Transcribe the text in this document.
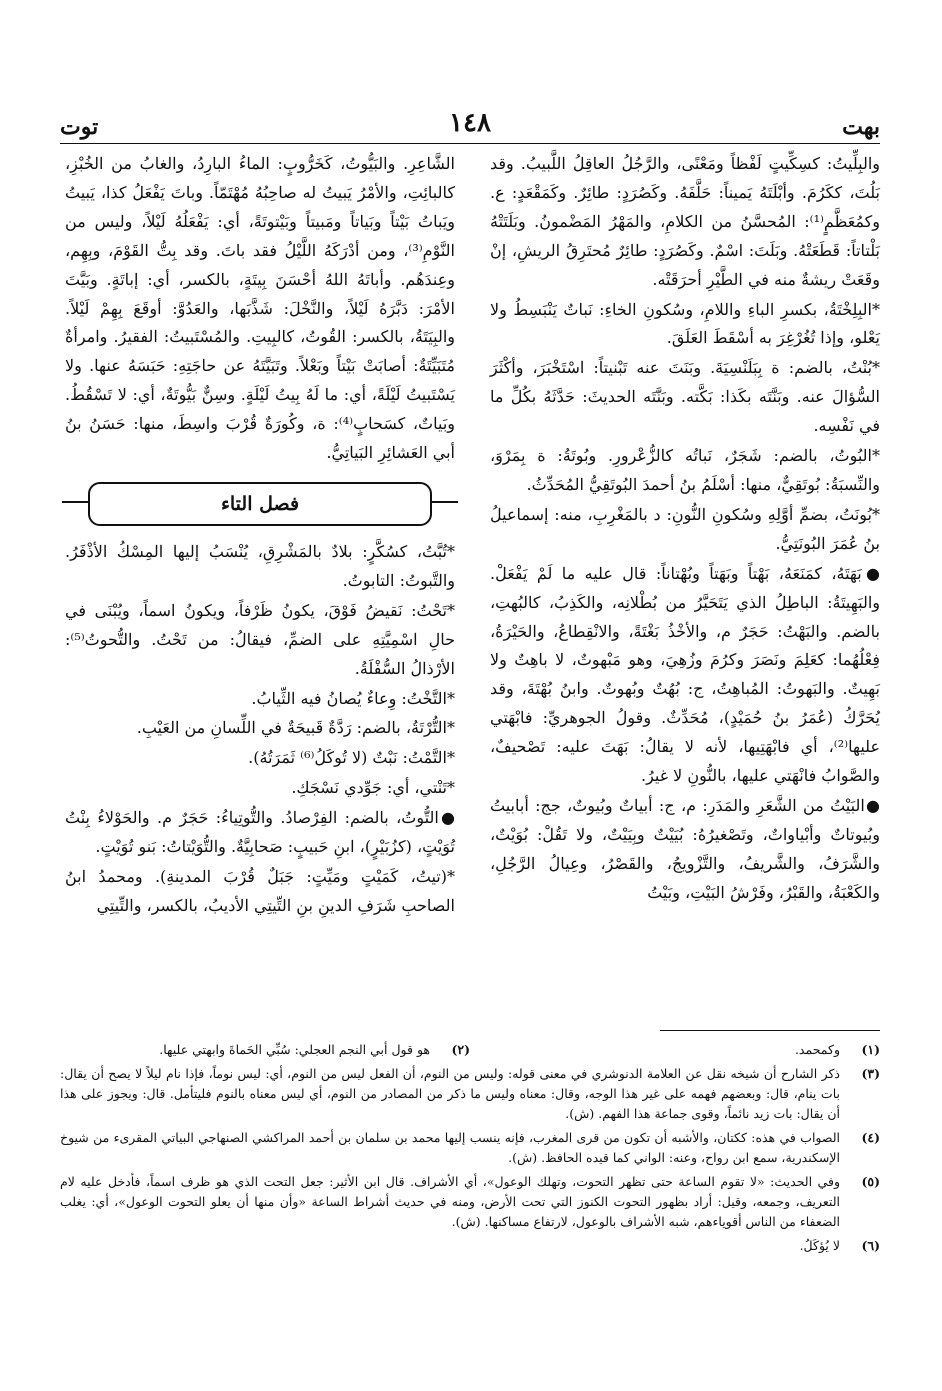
بهت
١٤٨
توت

والبِلِّيتُ: كسِكِّيتٍ لَفْظاً ومَعْنًى، والرَّجُلُ العاقِلُ اللَّبيبُ. وقد بَلُتَ، ككَرُمَ. وأبْلَتَهُ يَميناً: حَلَّفَهُ. وكَصُرَدٍ: طائِرٌ. وكَمَقْعَدٍ: ع. وكمُعَظَّمٍ⁽¹⁾: المُحسَّنُ من الكلامِ، والمَهْرُ المَضْمونُ. وبَلَتَتْهُ بَلْتاتاً: قَطَعَتْهُ. وبَلَتَ: اسْمٌ. وكَصُرَدٍ: طائِرٌ مُحتَرِقُ الريشِ، إنْ وقَعَتْ ريشةٌ منه في الطَّيْرِ أحرَقَتْه.

*البِلِخْتَةُ، بكسرِ الباءِ واللامِ، وسُكونِ الخاءِ: نَباتٌ يَنْبَسِطُ ولا يَعْلو، وإذا تُغُرْغِرَ به أسْقَطَ العَلَقَ.

*بُنْتُ، بالضم: ة بِبَلَنْسِيَةَ. وبَنَتَ عنه تَبْنيتاً: اسْتَخْبَرَ، وأكْثَرَ السُّؤالَ عنه. وبَنَّتَه بكَذا: بَكَّته. وبَنَّتَه الحديثَ: حَدَّثَهُ بكُلِّ ما في نَفْسِه.

*البُوتُ، بالضم: شَجَرٌ، نَباتُه كالزُّعْرورِ. وبُوتَةُ: ة بِمَرْوَ، والنِّسبَةُ: بُوتَقِيٌّ، منها: أسْلَمُ بنُ أحمدَ البُوتَقِيُّ المُحَدِّثُ.

*بُونَتُ، بضمِّ أوَّلِهِ وسُكونِ النُّونِ: د بالمَغْرِبِ، منه: إسماعيلُ بنُ عُمَرَ البُونَتِيُّ.

●بَهَتَهُ، كمَنَعَهُ، بَهْتاً وبَهَتاً وبُهْتاناً: قال عليه ما لَمْ يَفْعَلْ. والبَهِيتَةُ: الباطِلُ الذي يَتَحَيَّرُ من بُطْلانِه، والكَذِبُ، كالبُهتِ، بالضم. والبَهْتُ: حَجَرٌ م، والأخْذُ بَغْتَةً، والانْقِطاعُ، والحَيْرَةُ، فِعْلُهُما: كعَلِمَ ونَصَرَ وكرُمَ وزُهِيَ، وهو مَبْهوتٌ، لا باهِتٌ ولا بَهِيتٌ. والبَهوتُ: المُباهِتُ، ج: بُهُتٌ وبُهوتٌ. وابنُ بُهْتَةَ، وقد يُحَرَّكُ (عُمَرُ بنُ حُمَيْدٍ)، مُحَدِّثٌ. وقولُ الجوهريِّ: فابْهَتي عليها⁽²⁾، أي فابْهَتِيها، لأنه لا يقالُ: بَهَتَ عليه: تَصْحيفٌ، والصَّوابُ فانْهَتي عليها، بالنُّونِ لا غيرُ.

●البَيْتُ من الشَّعَرِ والمَدَرِ: م، ج: أبياتٌ وبُيوتٌ، جج: أبابيتُ وبُيوتاتٌ وأبْياواتٌ، وتَصْغيرُهُ: بُيَيْتٌ وبِيَيْتٌ، ولا تَقُلْ: بُوَيْتٌ، والشَّرَفُ، والشَّريفُ، والتَّزْويجُ، والقَصْرُ، وعِيالُ الرَّجُلِ، والكَعْبَةُ، والقَبْرُ، وفَرْشُ البَيْتِ، وبَيْتُ

الشَّاعِرِ. والبَيُّوتُ، كَخَرُّوبٍ: الماءُ البارِدُ، والغابُ من الخُبْزِ، كالبائِتِ، والأمْرُ يَبيتُ له صاحِبُهُ مُهْتَمّاً. وباتَ يَفْعَلُ كذا، يَبيتُ ويَباتُ بَيْتاً وبَياتاً ومَبيتاً وبَيْتوتَةً، أي: يَفْعَلُهُ لَيْلاً، وليس من النَّوْمِ⁽³⁾، ومن أدْرَكَهُ اللَّيْلُ فقد باتَ. وقد بِتُّ القَوْمَ، وبِهِم، وعِندَهُم. وأباتَهُ اللهُ أحْسَنَ بِيتَةٍ، بالكسر، أي: إباتَةٍ. وبَيَّتَ الأمْرَ: دَبَّرَهُ لَيْلاً، والنَّخْلَ: شَذَّبَها، والعَدُوَّ: أوقَعَ بِهِمْ لَيْلاً. والبِيَتَةُ، بالكسر: القُوتُ، كالبِيتِ. والمُسْتَبيتُ: الفقيرُ. وامرأةٌ مُتَبَيِّتَةٌ: أصابَتْ بَيْتاً وبَعْلاً. وتَبَيَّتَهُ عن حاجَتِهِ: حَبَسَهُ عنها. ولا يَسْتَبيتُ لَيْلَةً، أي: ما لَهُ بِيتُ لَيْلَةٍ. وسِنٌّ بَيُّوتَةٌ، أي: لا تَسْقُطُ. وبَياتٌ، كسَحابٍ⁽⁴⁾: ة، وكُورَةٌ قُرْبَ واسِطَ، منها: حَسَنُ بنُ أبي العَشائِرِ البَياتِيُّ.

فصل التاء

*تُبَّتُ، كسُكَّرٍ: بلادٌ بالمَشْرِقِ، يُنْسَبُ إليها المِسْكُ الأذْفَرُ. والتَّبوتُ: التابوتُ.

*تَحْتُ: نَقيضُ فَوْقَ، يكونُ ظَرْفاً، ويكونُ اسماً، ويُبْنَى في حالِ اسْمِيَّتِهِ على الضمِّ، فيقالُ: من تَحْتُ. والتُّحوتُ⁽⁵⁾: الأرْذالُ السُّفْلَةُ.

*التَّخْتُ: وِعاءٌ يُصانُ فيه الثِّيابُ.

*التُّرْتَةُ، بالضم: رَدَّةٌ قَبيحَةٌ في اللِّسانِ من العَيْبِ.

*التَّمْتُ: نَبْتٌ (لا تُوكَلُ⁽⁶⁾ ثَمَرَتُهُ).

*تَنْتي، أي: جَوِّدي نَسْجَكِ.

●التُّوتُ، بالضم: الفِرْصادُ. والتُّوتِياءُ: حَجَرٌ م. والحَوْلاءُ بِنْتُ تُوَيْتٍ، (كزُبَيْرٍ)، ابنِ حَبيبٍ: صَحابِيَّةٌ. والتُّوَيْتاتُ: بَنو تُوَيْتٍ.

*(تيتُ، كَمَيْتٍ ومَيِّتٍ: جَبَلٌ قُرْبَ المدينةِ). ومحمدُ ابنُ الصاحبِ شَرَفِ الدينِ بنِ التِّيتِي الأديبُ، بالكسر، والتِّيتِي

(١)
وكمحمد.
(٢)
هو قول أبي النجم العجلي: سُبِّي الحَماةَ وابهتي عليها.
(٣)
ذكر الشارح أن شيخه نقل عن العلامة الدنوشري في معنى قوله: وليس من النوم، أن الفعل ليس من النوم، أي: ليس نوماً، فإذا نام ليلاً لا يصح أن يقال: بات ينام، قال: وبعضهم فهمه على غير هذا الوجه، وقال: معناه وليس ما ذكر من المصادر من النوم، أي ليس معناه بالنوم فليتأمل. قال: ويجوز على هذا أن يقال: بات زيد نائماً، وقوى جماعة هذا الفهم. (ش).
(٤)
الصواب في هذه: ككتان، والأشبه أن تكون من قرى المغرب، فإنه ينسب إليها محمد بن سلمان بن أحمد المراكشي الصنهاجي البياتي المقرىء من شيوخ الإسكندرية، سمع ابن رواح، وعنه: الواني كما قيده الحافظ. (ش).
(٥)
وفي الحديث: «لا تقوم الساعة حتى تظهر التحوت، وتهلك الوعول»، أي الأشراف. قال ابن الأثير: جعل التحت الذي هو ظرف اسماً، فأدخل عليه لام التعريف، وجمعه، وقيل: أراد بظهور التحوت الكنوز التي تحت الأرض، ومنه في حديث أشراط الساعة «وأن منها أن يعلو التحوت الوعول»، أي: يغلب الضعفاء من الناس أقوياءهم، شبه الأشراف بالوعول، لارتفاع مساكنها. (ش).
(٦)
لا يُؤكَلُ.
